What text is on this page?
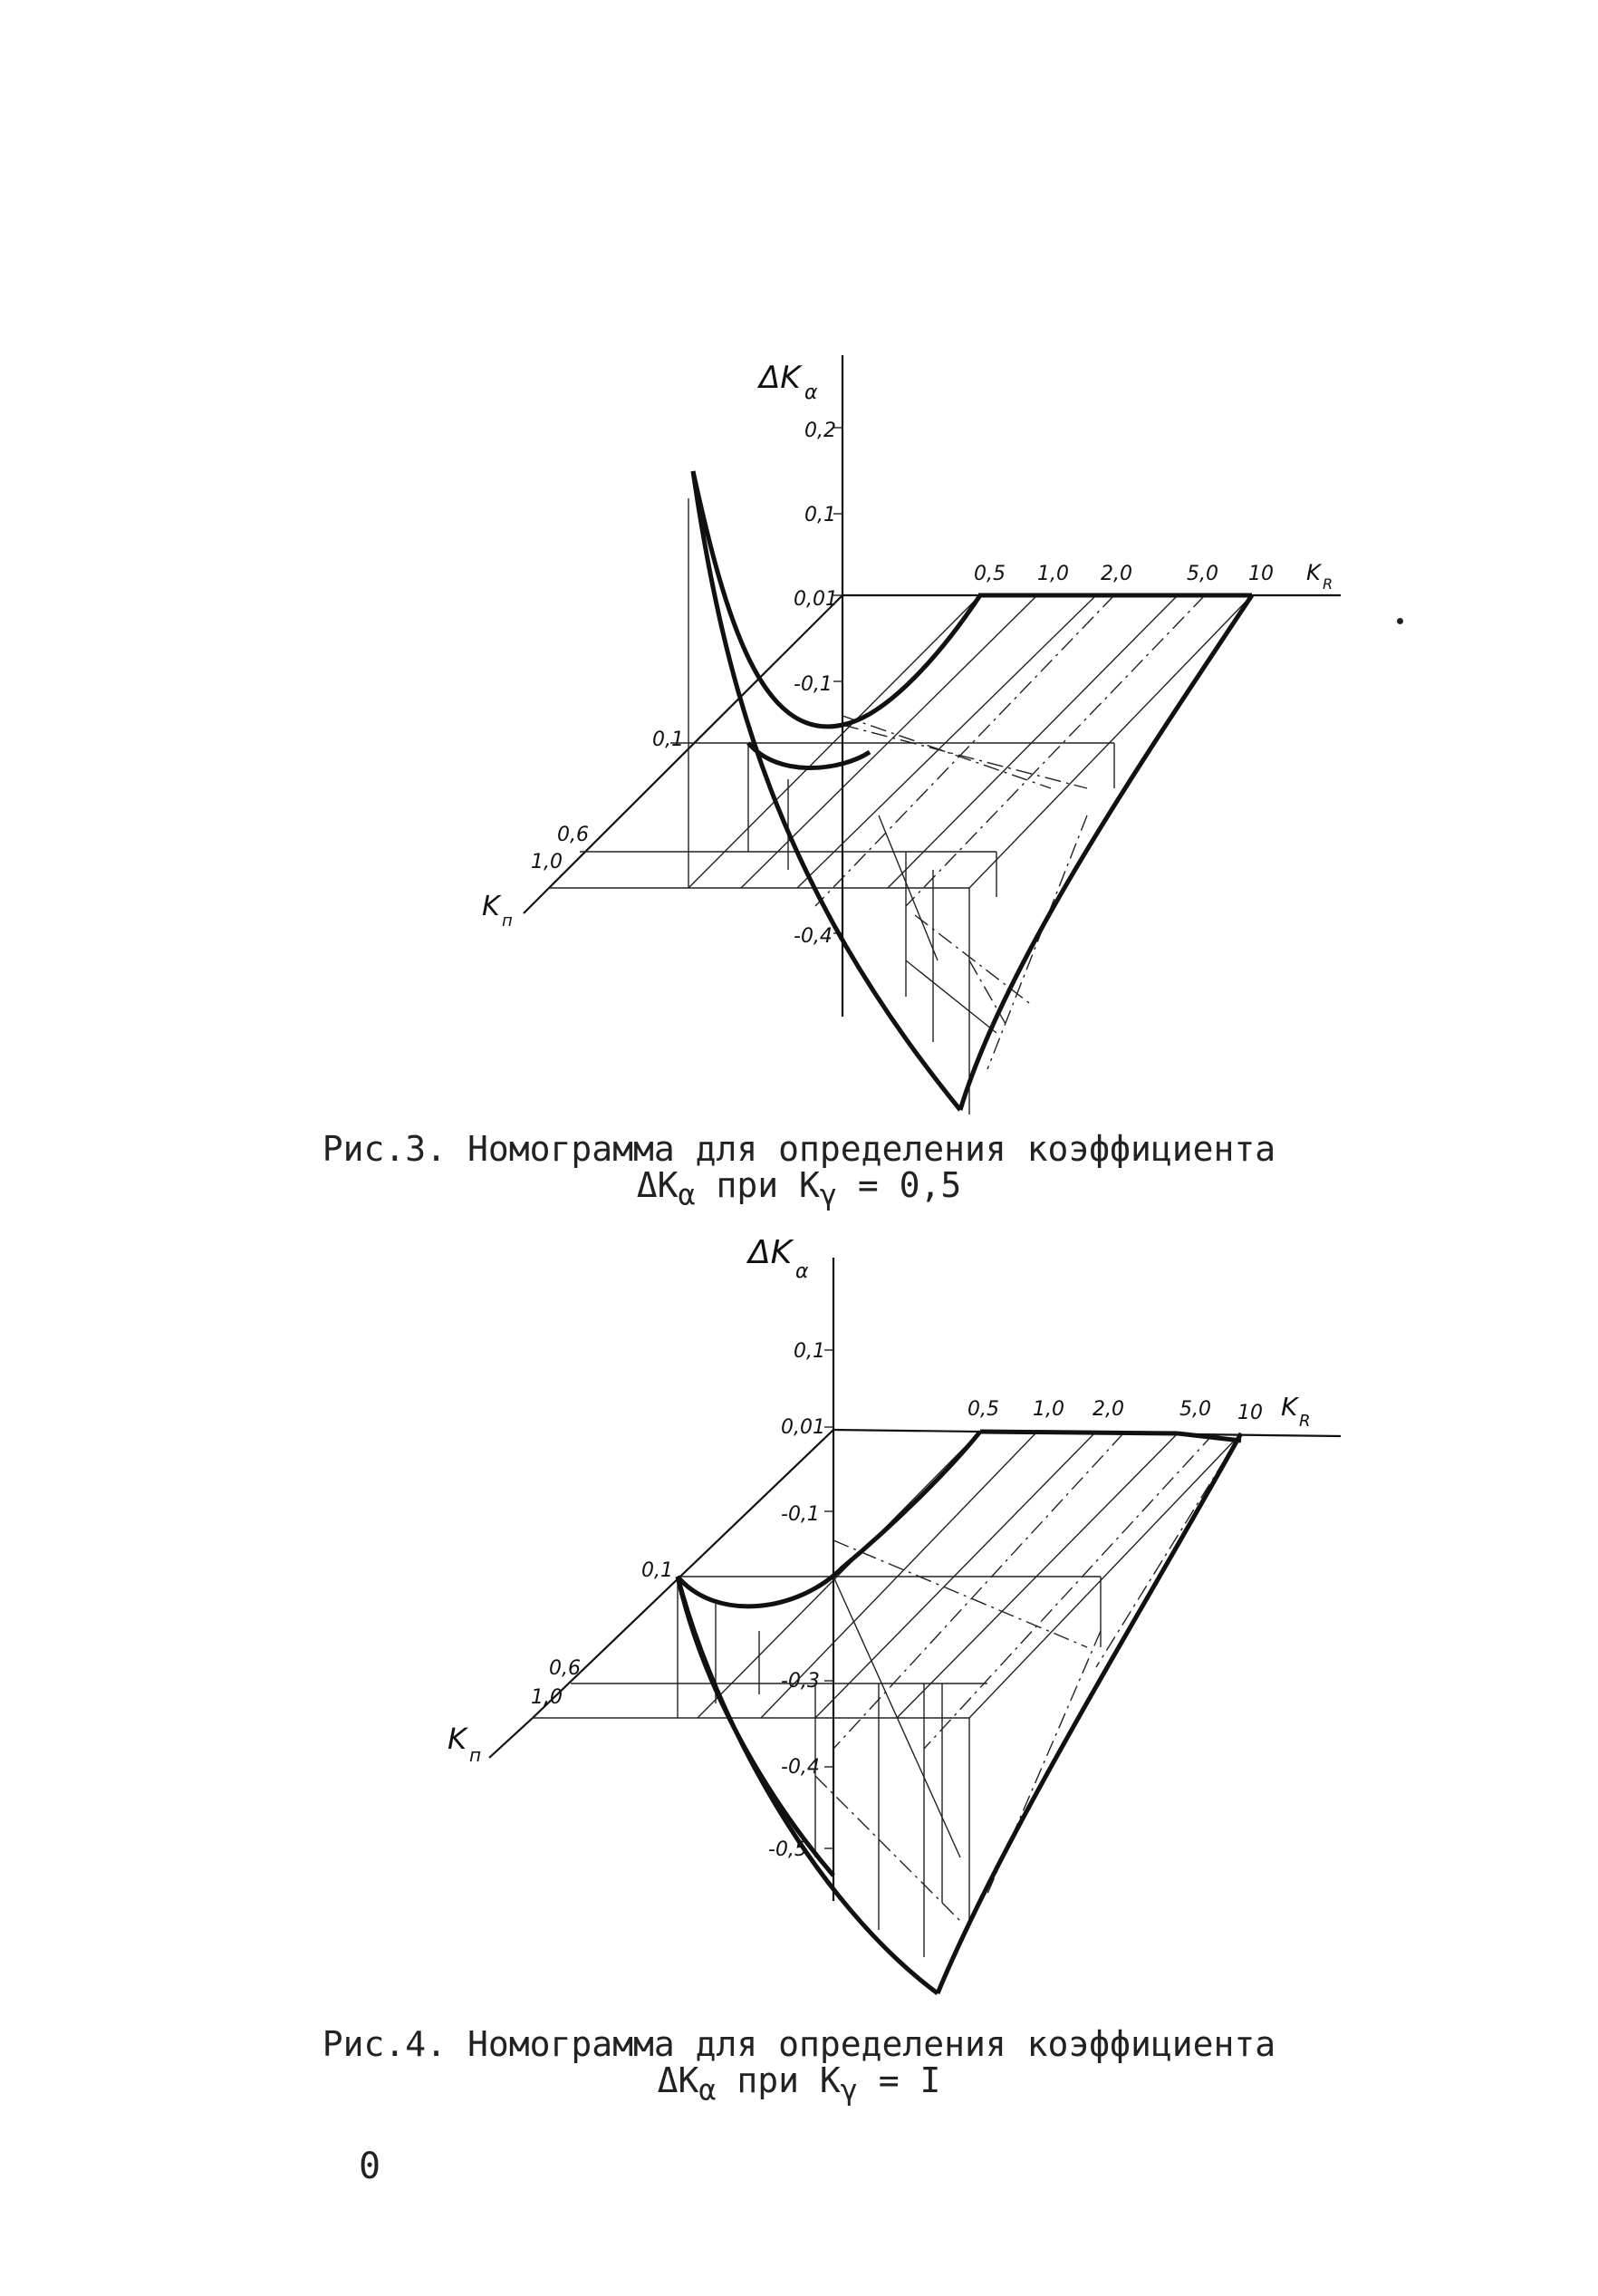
ΔK α
0,2
0,1
0,01
-0,1
-0,4
0,5 1,0 2,0	5,0 10 K R
0,1
0,6
1,0
K п
ΔK
α
0,1
0,01
-0,1
-0,3
-0,4
-0,5
0,5 1,0 2,0	5,0 10 K R
0,1
0,6
1,0
K п
Рис.3. Номограмма для определения коэффициента
$\Delta K_\alpha$ при $K_\gamma = 0,5$
Рис.4. Номограмма для определения коэффициента
$\Delta K_\alpha$ при $K_\gamma = I$
0
